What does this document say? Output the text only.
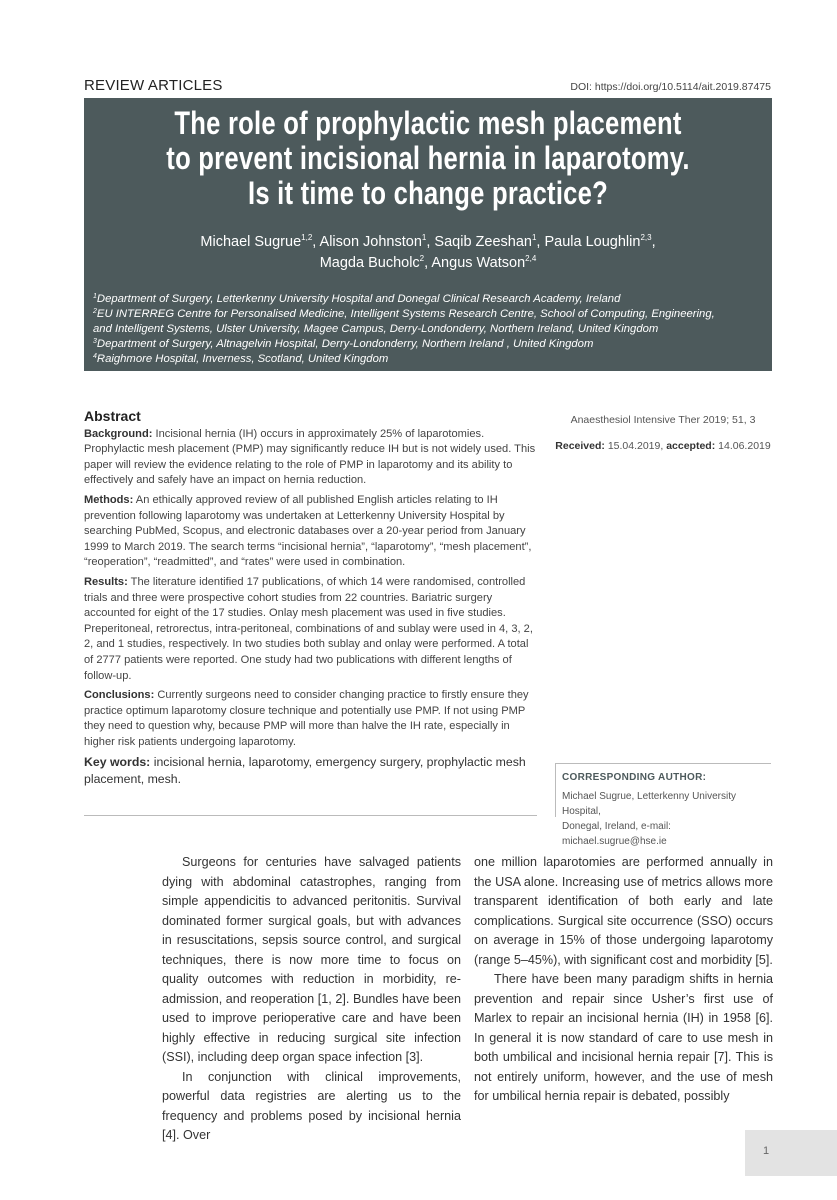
REVIEW ARTICLES	DOI: https://doi.org/10.5114/ait.2019.87475
The role of prophylactic mesh placement
to prevent incisional hernia in laparotomy.
Is it time to change practice?
Michael Sugrue$^{1,2}$, Alison Johnston$^1$, Saqib Zeeshan$^1$, Paula Loughlin$^{2,3}$,
Magda Bucholc$^2$, Angus Watson$^{2,4}$
$^1$Department of Surgery, Letterkenny University Hospital and Donegal Clinical Research Academy, Ireland
$^2$EU INTERREG Centre for Personalised Medicine, Intelligent Systems Research Centre, School of Computing, Engineering,
and Intelligent Systems, Ulster University, Magee Campus, Derry-Londonderry, Northern Ireland, United Kingdom
$^3$Department of Surgery, Altnagelvin Hospital, Derry-Londonderry, Northern Ireland , United Kingdom
$^4$Raighmore Hospital, Inverness, Scotland, United Kingdom
Abstract

Background: Incisional hernia (IH) occurs in approximately 25% of laparotomies. Prophylactic mesh placement (PMP) may significantly reduce IH but is not widely used. This paper will review the evidence relating to the role of PMP in laparotomy and its ability to effectively and safely have an impact on hernia reduction.

Methods: An ethically approved review of all published English articles relating to IH prevention following laparotomy was undertaken at Letterkenny University Hospital by searching PubMed, Scopus, and electronic databases over a 20-year period from January 1999 to March 2019. The search terms “incisional hernia”, “laparotomy”, “mesh placement”, “reoperation”, “readmitted”, and “rates” were used in combination.

Results: The literature identified 17 publications, of which 14 were randomised, controlled trials and three were prospective cohort studies from 22 countries. Bariatric surgery accounted for eight of the 17 studies. Onlay mesh placement was used in five studies. Preperitoneal, retrorectus, intra-peritoneal, combinations of and sublay were used in 4, 3, 2, 2, and 1 studies, respectively. In two studies both sublay and onlay were performed. A total of 2777 patients were reported. One study had two publications with different lengths of follow-up.

Conclusions: Currently surgeons need to consider changing practice to firstly ensure they practice optimum laparotomy closure technique and potentially use PMP. If not using PMP they need to question why, because PMP will more than halve the IH rate, especially in higher risk patients undergoing laparotomy.

Key words: incisional hernia, laparotomy, emergency surgery, prophylactic mesh placement, mesh.
Anaesthesiol Intensive Ther 2019; 51, 3
Received: 15.04.2019, accepted: 14.06.2019
CORRESPONDING AUTHOR:
Michael Sugrue, Letterkenny University Hospital,
Donegal, Ireland, e-mail: michael.sugrue@hse.ie

Surgeons for centuries have salvaged patients dying with abdominal catastrophes, ranging from simple appendicitis to advanced peritonitis. Survival dominated former surgical goals, but with advances in resuscitations, sepsis source control, and surgical techniques, there is now more time to focus on quality outcomes with reduction in morbidity, re-admission, and reoperation [1, 2]. Bundles have been used to improve perioperative care and have been highly effective in reducing surgical site infection (SSI), including deep organ space infection [3].

In conjunction with clinical improvements, powerful data registries are alerting us to the frequency and problems posed by incisional hernia [4]. Over

one million laparotomies are performed annually in the USA alone. Increasing use of metrics allows more transparent identification of both early and late complications. Surgical site occurrence (SSO) occurs on average in 15% of those undergoing laparotomy (range 5–45%), with significant cost and morbidity [5].

There have been many paradigm shifts in hernia prevention and repair since Usher’s first use of Marlex to repair an incisional hernia (IH) in 1958 [6]. In general it is now standard of care to use mesh in both umbilical and incisional hernia repair [7]. This is not entirely uniform, however, and the use of mesh for umbilical hernia repair is debated, possibly

1
